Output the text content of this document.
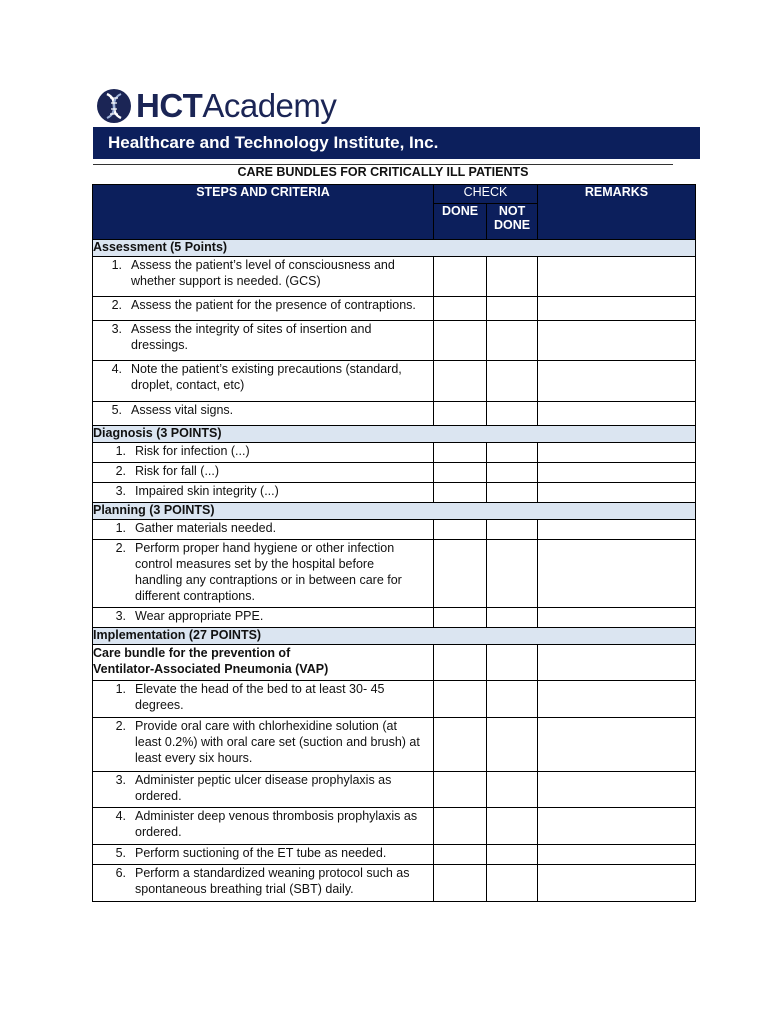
HCTAcademy
Healthcare and Technology Institute, Inc.
CARE BUNDLES FOR CRITICALLY ILL PATIENTS
STEPS AND CRITERIA	CHECK		REMARKS
	DONE	NOT DONE	
Assessment (5 Points)			
1. Assess the patient’s level of consciousness and whether support is needed. (GCS)			
2. Assess the patient for the presence of contraptions.			
3. Assess the integrity of sites of insertion and dressings.			
4. Note the patient’s existing precautions (standard, droplet, contact, etc)			
5. Assess vital signs.			
Diagnosis (3 POINTS)			
1. Risk for infection (...)			
2. Risk for fall (...)			
3. Impaired skin integrity (...)			
Planning (3 POINTS)			
1. Gather materials needed.			
2. Perform proper hand hygiene or other infection control measures set by the hospital before handling any contraptions or in between care for different contraptions.			
3. Wear appropriate PPE.			
Implementation (27 POINTS)			
Care bundle for the prevention of
Ventilator-Associated Pneumonia (VAP)			
1. Elevate the head of the bed to at least 30- 45 degrees.			
2. Provide oral care with chlorhexidine solution (at least 0.2%) with oral care set (suction and brush) at least every six hours.			
3. Administer peptic ulcer disease prophylaxis as ordered.			
4. Administer deep venous thrombosis prophylaxis as ordered.			
5. Perform suctioning of the ET tube as needed.			
6. Perform a standardized weaning protocol such as spontaneous breathing trial (SBT) daily.			
